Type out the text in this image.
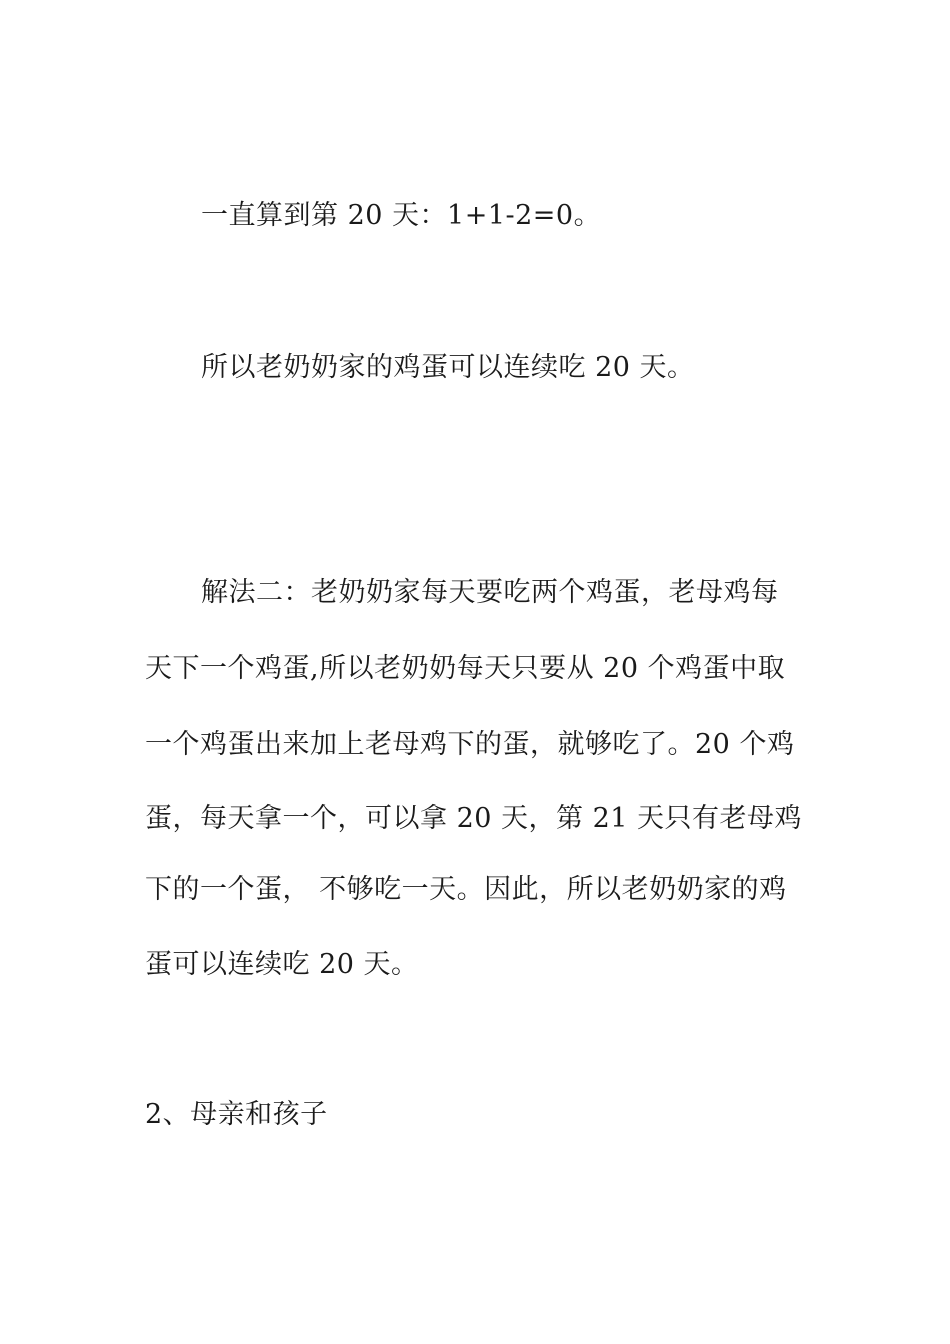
一直算到第 20 天：1+1-2=0。
所以老奶奶家的鸡蛋可以连续吃 20 天。
解法二：老奶奶家每天要吃两个鸡蛋，老母鸡每
天下一个鸡蛋,所以老奶奶每天只要从 20 个鸡蛋中取
一个鸡蛋出来加上老母鸡下的蛋，就够吃了。20 个鸡
蛋，每天拿一个，可以拿 20 天，第 21 天只有老母鸡
下的一个蛋， 不够吃一天。因此，所以老奶奶家的鸡
蛋可以连续吃 20 天。
2、母亲和孩子
